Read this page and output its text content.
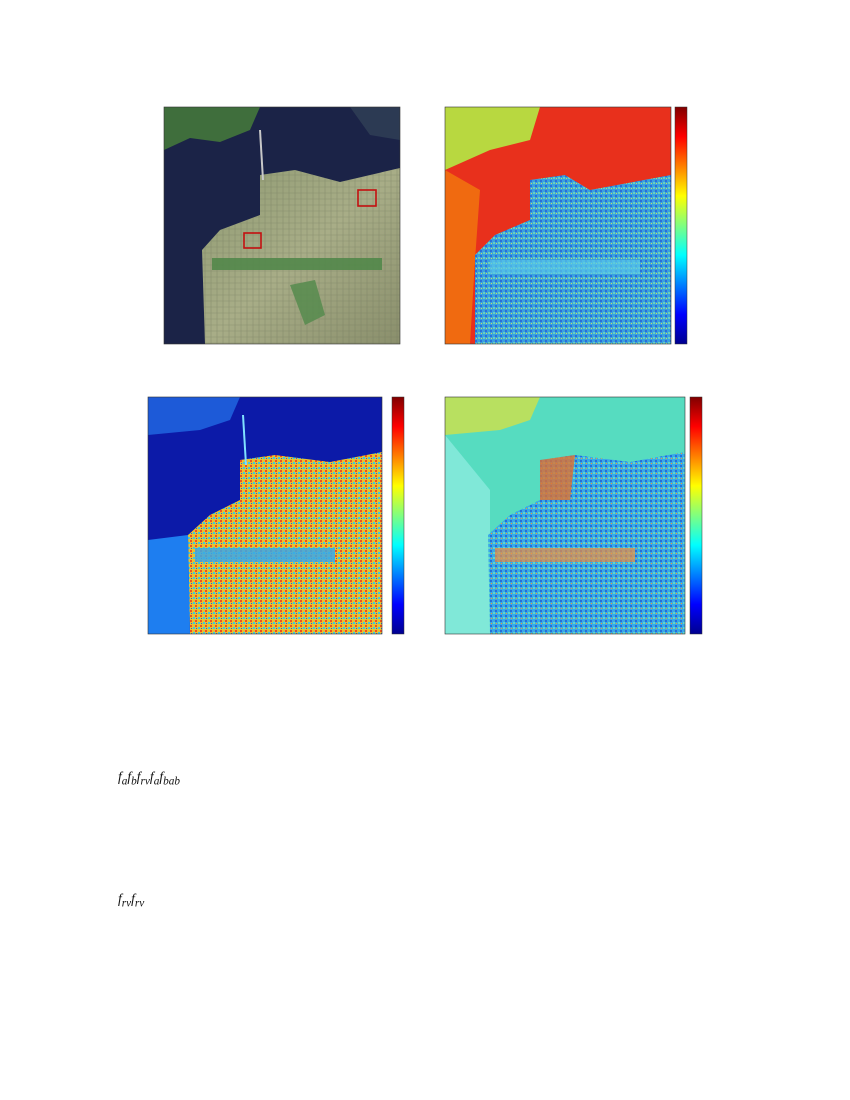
$f_af_bf_{rv}f_af_{bab}$
$f_{rv}f_{rv}$
